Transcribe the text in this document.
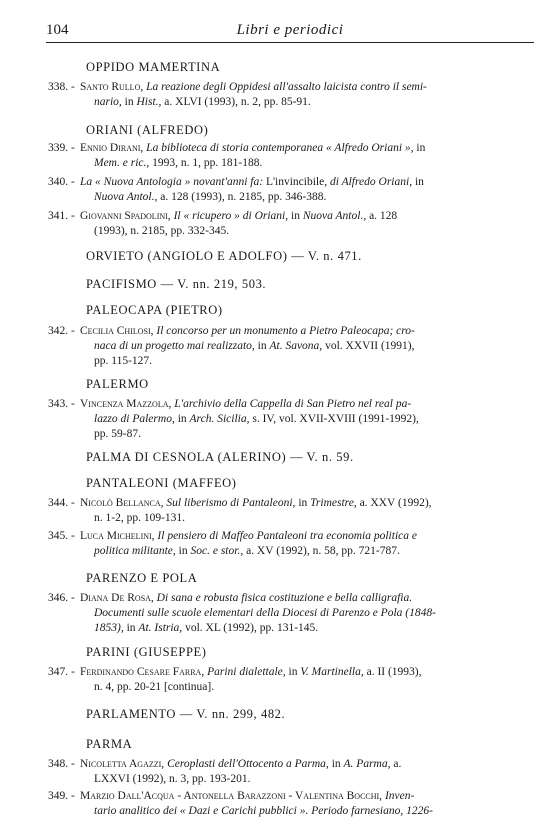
104	Libri e periodici
OPPIDO MAMERTINA
338. - Santo Rullo, La reazione degli Oppidesi all'assalto laicista contro il semi-
nario, in Hist., a. XLVI (1993), n. 2, pp. 85-91.
ORIANI (ALFREDO)
339. - Ennio Dirani, La biblioteca di storia contemporanea « Alfredo Oriani », in
Mem. e ric., 1993, n. 1, pp. 181-188.
340. - La « Nuova Antologia » novant'anni fa: L'invincibile, di Alfredo Oriani, in
Nuova Antol., a. 128 (1993), n. 2185, pp. 346-388.
341. - Giovanni Spadolini, Il « ricupero » di Oriani, in Nuova Antol., a. 128
(1993), n. 2185, pp. 332-345.
ORVIETO (ANGIOLO E ADOLFO) — V. n. 471.
PACIFISMO — V. nn. 219, 503.
PALEOCAPA (PIETRO)
342. - Cecilia Chilosi, Il concorso per un monumento a Pietro Paleocapa; cro-
naca di un progetto mai realizzato, in At. Savona, vol. XXVII (1991),
pp. 115-127.
PALERMO
343. - Vincenza Mazzola, L'archivio della Cappella di San Pietro nel real pa-
lazzo di Palermo, in Arch. Sicilia, s. IV, vol. XVII-XVIII (1991-1992),
pp. 59-87.
PALMA DI CESNOLA (ALERINO) — V. n. 59.
PANTALEONI (MAFFEO)
344. - Nicolò Bellanca, Sul liberismo di Pantaleoni, in Trimestre, a. XXV (1992),
n. 1-2, pp. 109-131.
345. - Luca Michelini, Il pensiero di Maffeo Pantaleoni tra economia politica e
politica militante, in Soc. e stor., a. XV (1992), n. 58, pp. 721-787.
PARENZO E POLA
346. - Diana De Rosa, Di sana e robusta fisica costituzione e bella calligrafia.
Documenti sulle scuole elementari della Diocesi di Parenzo e Pola (1848-
1853), in At. Istria, vol. XL (1992), pp. 131-145.
PARINI (GIUSEPPE)
347. - Ferdinando Cesare Farra, Parini dialettale, in V. Martinella, a. II (1993),
n. 4, pp. 20-21 [continua].
PARLAMENTO — V. nn. 299, 482.
PARMA
348. - Nicoletta Agazzi, Ceroplasti dell'Ottocento a Parma, in A. Parma, a.
LXXVI (1992), n. 3, pp. 193-201.
349. - Marzio Dall'Acqua - Antonella Barazzoni - Valentina Bocchi, Inven-
tario analitico dei « Dazi e Carichi pubblici ». Periodo farnesiano, 1226-
